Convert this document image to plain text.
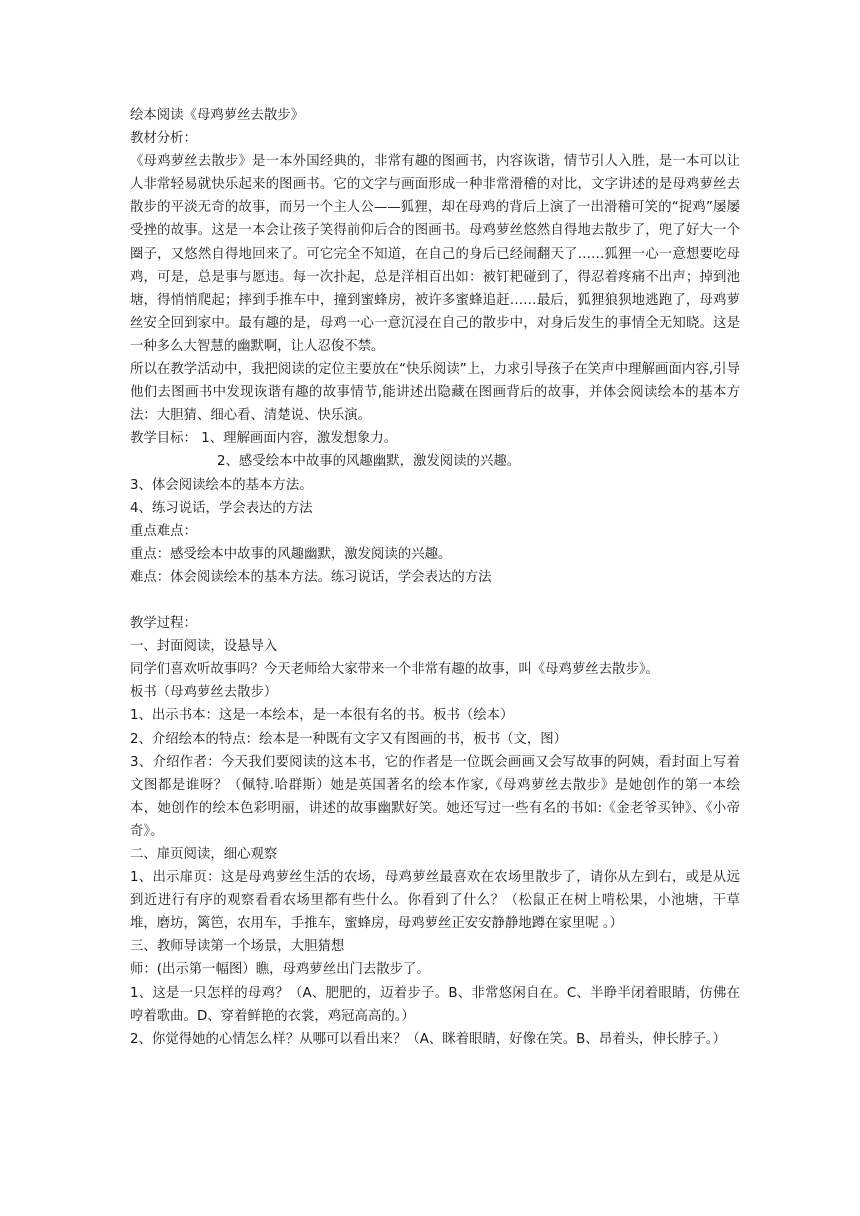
绘本阅读《母鸡萝丝去散步》

教材分析：

《母鸡萝丝去散步》是一本外国经典的，非常有趣的图画书，内容诙谐，情节引人入胜，是一本可以让人非常轻易就快乐起来的图画书。它的文字与画面形成一种非常滑稽的对比，文字讲述的是母鸡萝丝去散步的平淡无奇的故事，而另一个主人公——狐狸，却在母鸡的背后上演了一出滑稽可笑的“捉鸡”屡屡受挫的故事。这是一本会让孩子笑得前仰后合的图画书。母鸡萝丝悠然自得地去散步了，兜了好大一个圈子，又悠然自得地回来了。可它完全不知道，在自己的身后已经闹翻天了……狐狸一心一意想要吃母鸡，可是，总是事与愿违。每一次扑起，总是洋相百出如：被钉耙碰到了，得忍着疼痛不出声；掉到池塘，得悄悄爬起；摔到手推车中，撞到蜜蜂房，被许多蜜蜂追赶……最后，狐狸狼狈地逃跑了，母鸡萝丝安全回到家中。最有趣的是，母鸡一心一意沉浸在自己的散步中，对身后发生的事情全无知晓。这是一种多么大智慧的幽默啊，让人忍俊不禁。

所以在教学活动中，我把阅读的定位主要放在“快乐阅读”上，力求引导孩子在笑声中理解画面内容,引导他们去图画书中发现诙谐有趣的故事情节,能讲述出隐藏在图画背后的故事，并体会阅读绘本的基本方法：大胆猜、细心看、清楚说、快乐演。

教学目标： 1、理解画面内容，激发想象力。

2、感受绘本中故事的风趣幽默，激发阅读的兴趣。

3、体会阅读绘本的基本方法。

4、练习说话，学会表达的方法

重点难点：

重点：感受绘本中故事的风趣幽默，激发阅读的兴趣。

难点：体会阅读绘本的基本方法。练习说话，学会表达的方法

教学过程：

一、封面阅读，设悬导入

同学们喜欢听故事吗？今天老师给大家带来一个非常有趣的故事，叫《母鸡萝丝去散步》。

板书（母鸡萝丝去散步）

1、出示书本：这是一本绘本，是一本很有名的书。板书（绘本）

2、介绍绘本的特点：绘本是一种既有文字又有图画的书，板书（文，图）

3、介绍作者：今天我们要阅读的这本书，它的作者是一位既会画画又会写故事的阿姨，看封面上写着文图都是谁呀？（佩特.哈群斯）她是英国著名的绘本作家,《母鸡萝丝去散步》是她创作的第一本绘本，她创作的绘本色彩明丽，讲述的故事幽默好笑。她还写过一些有名的书如:《金老爷买钟》、《小帝奇》。

二、扉页阅读，细心观察

1、出示扉页：这是母鸡萝丝生活的农场，母鸡萝丝最喜欢在农场里散步了，请你从左到右，或是从远到近进行有序的观察看看农场里都有些什么。你看到了什么？（松鼠正在树上啃松果，小池塘，干草堆，磨坊，篱笆，农用车，手推车，蜜蜂房，母鸡萝丝正安安静静地蹲在家里呢 。）

三、教师导读第一个场景，大胆猜想

师：(出示第一幅图）瞧，母鸡萝丝出门去散步了。

1、这是一只怎样的母鸡？（A、肥肥的，迈着步子。B、非常悠闲自在。C、半睁半闭着眼睛，仿佛在哼着歌曲。D、穿着鲜艳的衣裳，鸡冠高高的。）

2、你觉得她的心情怎么样？从哪可以看出来？（A、眯着眼睛，好像在笑。B、昂着头，伸长脖子。）
